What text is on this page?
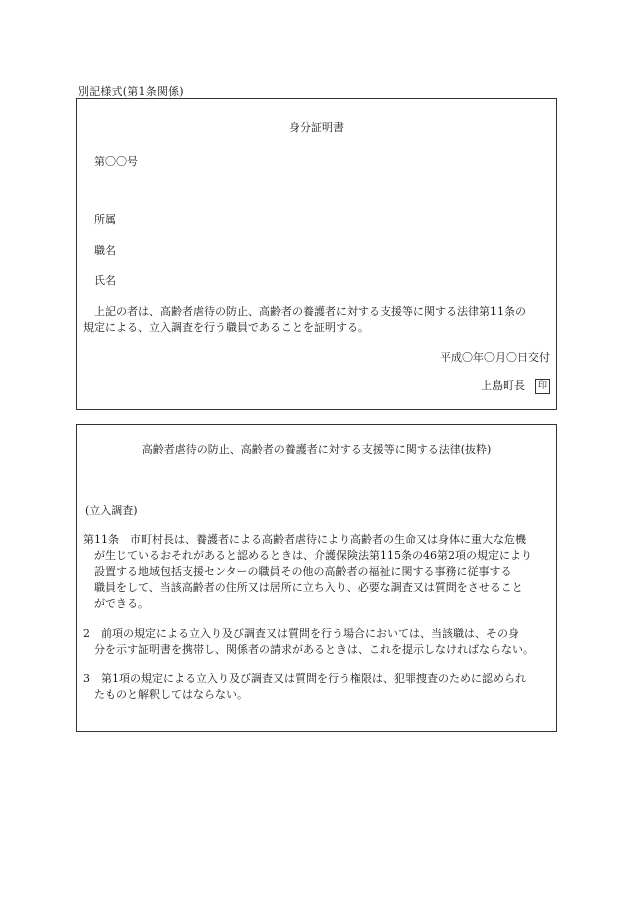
別記様式(第1条関係)
身分証明書
第〇〇号
所属
職名
氏名
上記の者は、高齢者虐待の防止、高齢者の養護者に対する支援等に関する法律第11条の
規定による、立入調査を行う職員であることを証明する。
平成〇年〇月〇日交付
上島町長 印
高齢者虐待の防止、高齢者の養護者に対する支援等に関する法律(抜粋)
(立入調査)
第11条　市町村長は、養護者による高齢者虐待により高齢者の生命又は身体に重大な危機
が生じているおそれがあると認めるときは、介護保険法第115条の46第2項の規定により
設置する地域包括支援センターの職員その他の高齢者の福祉に関する事務に従事する
職員をして、当該高齢者の住所又は居所に立ち入り、必要な調査又は質問をさせること
ができる。
2　前項の規定による立入り及び調査又は質問を行う場合においては、当該職は、その身
分を示す証明書を携帯し、関係者の請求があるときは、これを提示しなければならない。
3　第1項の規定による立入り及び調査又は質問を行う権限は、犯罪捜査のために認められ
たものと解釈してはならない。
